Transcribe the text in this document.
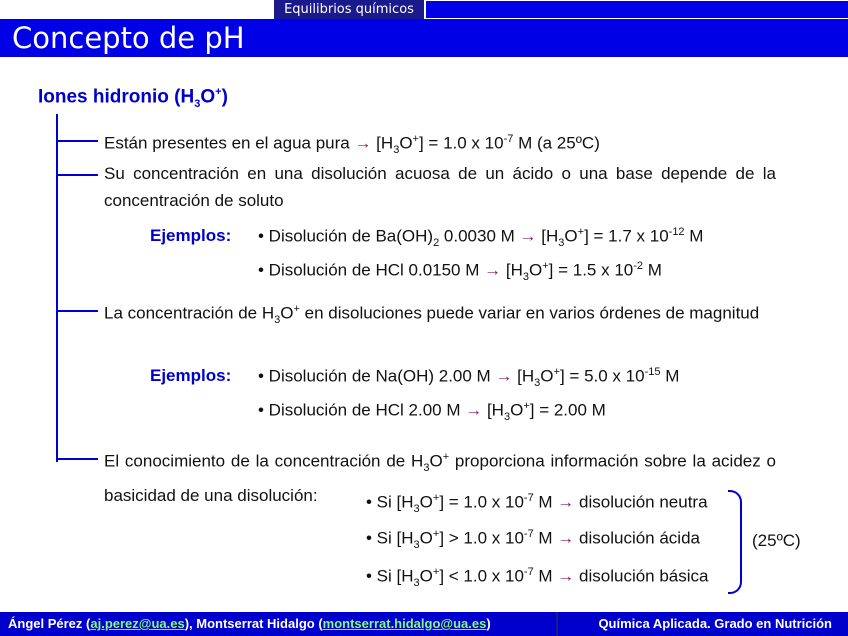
Equilibrios químicos
Concepto de pH
Iones hidronio $(H_3O^+)$
Están presentes en el agua pura → $[H_3O^+] = 1.0$ x $10^{-7}$ M (a 25ºC)
Su concentración en una disolución acuosa de un ácido o una base depende de la concentración de soluto
Ejemplos: • Disolución de $Ba(OH)_2$ 0.0030 $M \to [H_3O^+] = 1.7$ x $10^{-12}$ M
• Disolución de HCl 0.0150 $M \to [H_3O^+] = 1.5$ x $10^{-2}$ M
La concentración de $H_3O^+$ en disoluciones puede variar en varios órdenes de magnitud
Ejemplos: • Disolución de Na(OH) 2.00 $M \to [H_3O^+] = 5.0$ x $10^{-15}$ M
• Disolución de HCl 2.00 $M \to [H_3O^+] = 2.00$ M
El conocimiento de la concentración de $H_3O^+$ proporciona información sobre la acidez o basicidad de una disolución:	• Si $[H_3O^+] = 1.0$ x $10^{-7}$ M → disolución neutra
• Si $[H_3O^+] > 1.0$ x $10^{-7}$ M → disolución ácida
• Si $[H_3O^+] < 1.0$ x $10^{-7}$ M → disolución básica
(25ºC)
Ángel Pérez (aj.perez@ua.es), Montserrat Hidalgo (montserrat.hidalgo@ua.es)	Química Aplicada. Grado en Nutrición
